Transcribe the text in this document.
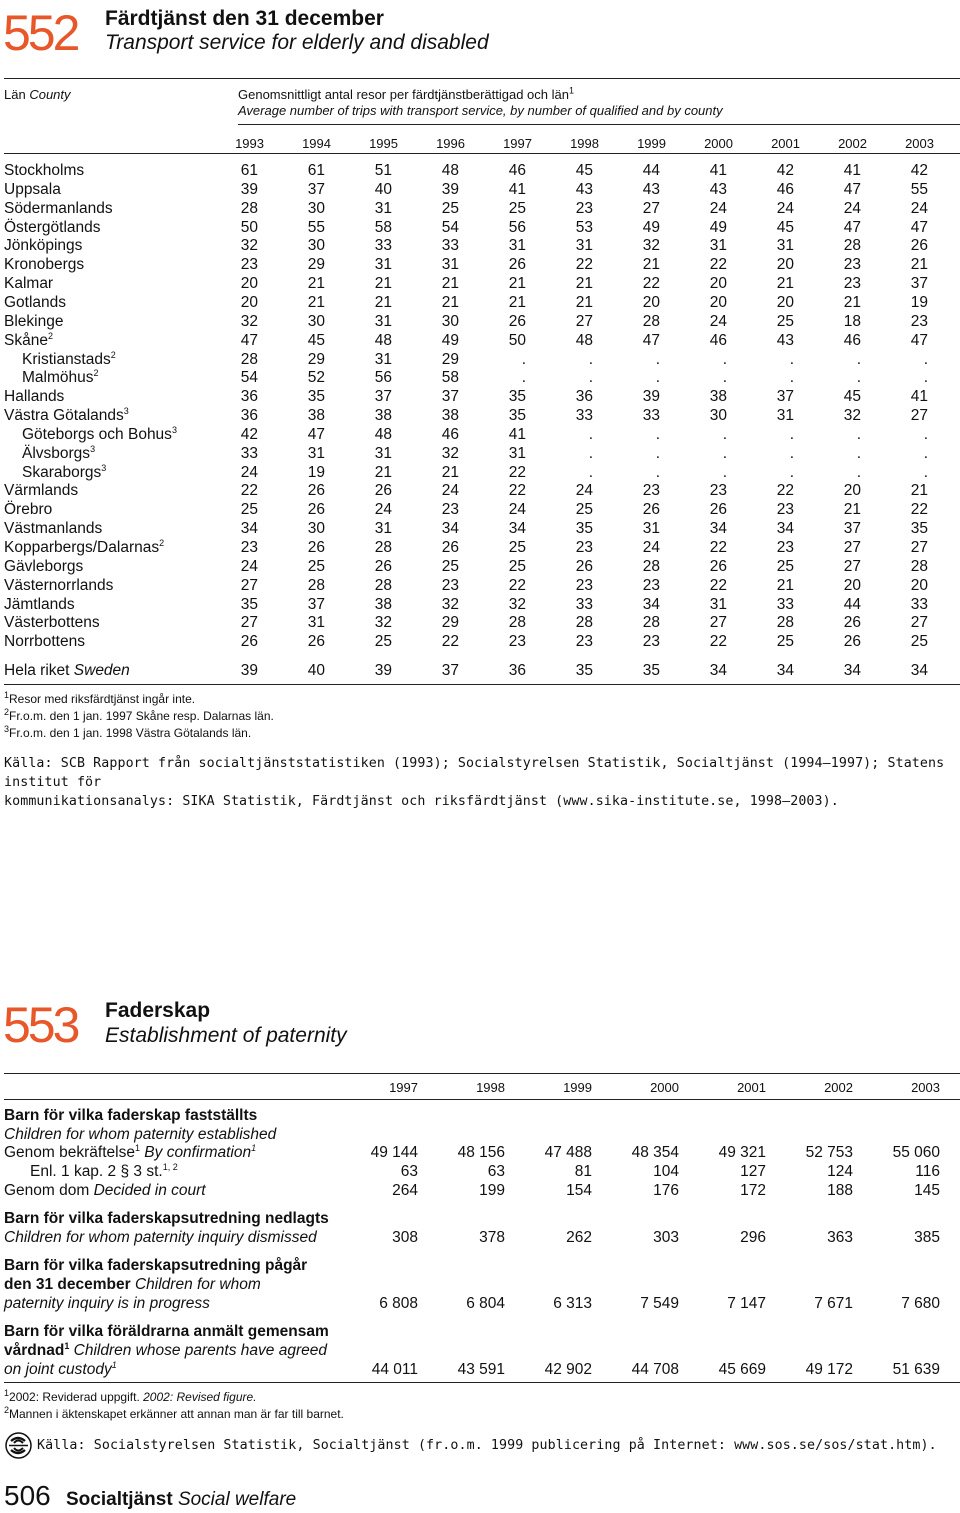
552 Färdtjänst den 31 december
Transport service for elderly and disabled
Län County	Genomsnittligt antal resor per färdtjänstberättigad och län$^1$
Average number of trips with transport service, by number of qualified and by county
1993	1994	1995	1996	1997	1998	1999	2000	2001	2002	2003
Stockholms	61	61	51	48	46	45	44	41	42	41	42
Uppsala	39	37	40	39	41	43	43	43	46	47	55
Södermanlands	28	30	31	25	25	23	27	24	24	24	24
Östergötlands	50	55	58	54	56	53	49	49	45	47	47
Jönköpings	32	30	33	33	31	31	32	31	31	28	26
Kronobergs	23	29	31	31	26	22	21	22	20	23	21
Kalmar	20	21	21	21	21	21	22	20	21	23	37
Gotlands	20	21	21	21	21	21	20	20	20	21	19
Blekinge	32	30	31	30	26	27	28	24	25	18	23
Skåne$^2$	47	45	48	49	50	48	47	46	43	46	47
Kristianstads$^2$	28	29	31	29	.	.	.	.	.	.	.
Malmöhus$^2$	54	52	56	58	.	.	.	.	.	.	.
Hallands	36	35	37	37	35	36	39	38	37	45	41
Västra Götalands$^3$	36	38	38	38	35	33	33	30	31	32	27
Göteborgs och Bohus$^3$	42	47	48	46	41	.	.	.	.	.	.
Älvsborgs$^3$	33	31	31	32	31	.	.	.	.	.	.
Skaraborgs$^3$	24	19	21	21	22	.	.	.	.	.	.
Värmlands	22	26	26	24	22	24	23	23	22	20	21
Örebro	25	26	24	23	24	25	26	26	23	21	22
Västmanlands	34	30	31	34	34	35	31	34	34	37	35
Kopparbergs/Dalarnas$^2$	23	26	28	26	25	23	24	22	23	27	27
Gävleborgs	24	25	26	25	25	26	28	26	25	27	28
Västernorrlands	27	28	28	23	22	23	23	22	21	20	20
Jämtlands	35	37	38	32	32	33	34	31	33	44	33
Västerbottens	27	31	32	29	28	28	28	27	28	26	27
Norrbottens	26	26	25	22	23	23	23	22	25	26	25
Hela riket Sweden	39	40	39	37	36	35	35	34	34	34	34
$^1$Resor med riksfärdtjänst ingår inte.
$^2$Fr.o.m. den 1 jan. 1997 Skåne resp. Dalarnas län.
$^3$Fr.o.m. den 1 jan. 1998 Västra Götalands län.
Källa: SCB Rapport från socialtjänststatistiken (1993); Socialstyrelsen Statistik, Socialtjänst (1994–1997); Statens institut för
kommunikationsanalys: SIKA Statistik, Färdtjänst och riksfärdtjänst (www.sika-institute.se, 1998–2003).
553 Faderskap
Establishment of paternity
1997	1998	1999	2000	2001	2002	2003
Barn för vilka faderskap fastställts
Children for whom paternity established
Genom bekräftelse$^1$ By confirmation$^1$	49 144	48 156	47 488	48 354	49 321	52 753	55 060
Enl. 1 kap. 2 § 3 st.$^{1, 2}$	63	63	81	104	127	124	116
Genom dom Decided in court	264	199	154	176	172	188	145
Barn för vilka faderskapsutredning nedlagts
Children for whom paternity inquiry dismissed	308	378	262	303	296	363	385
Barn för vilka faderskapsutredning pågår
den 31 december Children for whom
paternity inquiry is in progress	6 808	6 804	6 313	7 549	7 147	7 671	7 680
Barn för vilka föräldrarna anmält gemensam
vårdnad$^1$ Children whose parents have agreed
on joint custody$^1$	44 011	43 591	42 902	44 708	45 669	49 172	51 639
$^1$2002: Reviderad uppgift. 2002: Revised figure.
$^2$Mannen i äktenskapet erkänner att annan man är far till barnet.
Källa: Socialstyrelsen Statistik, Socialtjänst (fr.o.m. 1999 publicering på Internet: www.sos.se/sos/stat.htm).
506 Socialtjänst Social welfare
